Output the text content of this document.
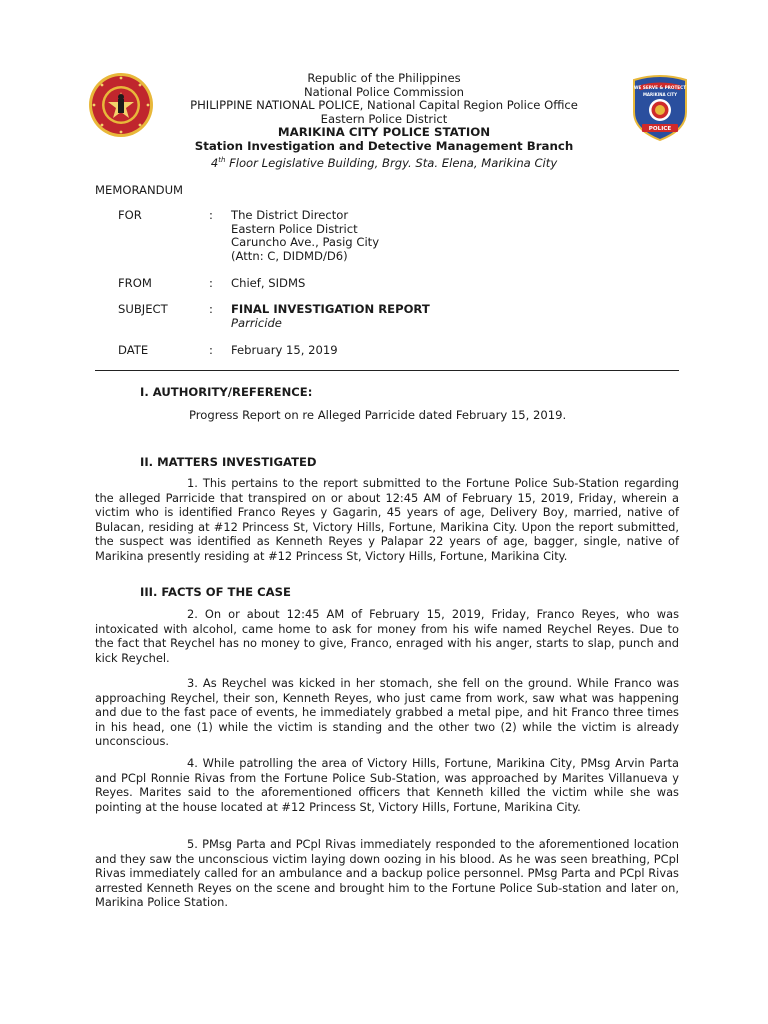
WE SERVE & PROTECT
MARIKINA CITY
POLICE
Republic of the Philippines
National Police Commission
PHILIPPINE NATIONAL POLICE, National Capital Region Police Office
Eastern Police District
MARIKINA CITY POLICE STATION
Station Investigation and Detective Management Branch
4th Floor Legislative Building, Brgy. Sta. Elena, Marikina City
MEMORANDUM
FOR	: The District Director
Eastern Police District
Caruncho Ave., Pasig City
(Attn: C, DIDMD/D6)
FROM	: Chief, SIDMS
SUBJECT	: FINAL INVESTIGATION REPORT
Parricide
DATE	: February 15, 2019
I. AUTHORITY/REFERENCE:
Progress Report on re Alleged Parricide dated February 15, 2019.
II. MATTERS INVESTIGATED
1. This pertains to the report submitted to the Fortune Police Sub-Station regarding the alleged Parricide that transpired on or about 12:45 AM of February 15, 2019, Friday, wherein a victim who is identified Franco Reyes y Gagarin, 45 years of age, Delivery Boy, married, native of Bulacan, residing at #12 Princess St, Victory Hills, Fortune, Marikina City. Upon the report submitted, the suspect was identified as Kenneth Reyes y Palapar 22 years of age, bagger, single, native of Marikina presently residing at #12 Princess St, Victory Hills, Fortune, Marikina City.
III. FACTS OF THE CASE
2. On or about 12:45 AM of February 15, 2019, Friday, Franco Reyes, who was intoxicated with alcohol, came home to ask for money from his wife named Reychel Reyes. Due to the fact that Reychel has no money to give, Franco, enraged with his anger, starts to slap, punch and kick Reychel.
3. As Reychel was kicked in her stomach, she fell on the ground. While Franco was approaching Reychel, their son, Kenneth Reyes, who just came from work, saw what was happening and due to the fast pace of events, he immediately grabbed a metal pipe, and hit Franco three times in his head, one (1) while the victim is standing and the other two (2) while the victim is already unconscious.
4. While patrolling the area of Victory Hills, Fortune, Marikina City, PMsg Arvin Parta and PCpl Ronnie Rivas from the Fortune Police Sub-Station, was approached by Marites Villanueva y Reyes. Marites said to the aforementioned officers that Kenneth killed the victim while she was pointing at the house located at #12 Princess St, Victory Hills, Fortune, Marikina City.
5. PMsg Parta and PCpl Rivas immediately responded to the aforementioned location and they saw the unconscious victim laying down oozing in his blood. As he was seen breathing, PCpl Rivas immediately called for an ambulance and a backup police personnel. PMsg Parta and PCpl Rivas arrested Kenneth Reyes on the scene and brought him to the Fortune Police Sub-station and later on, Marikina Police Station.
